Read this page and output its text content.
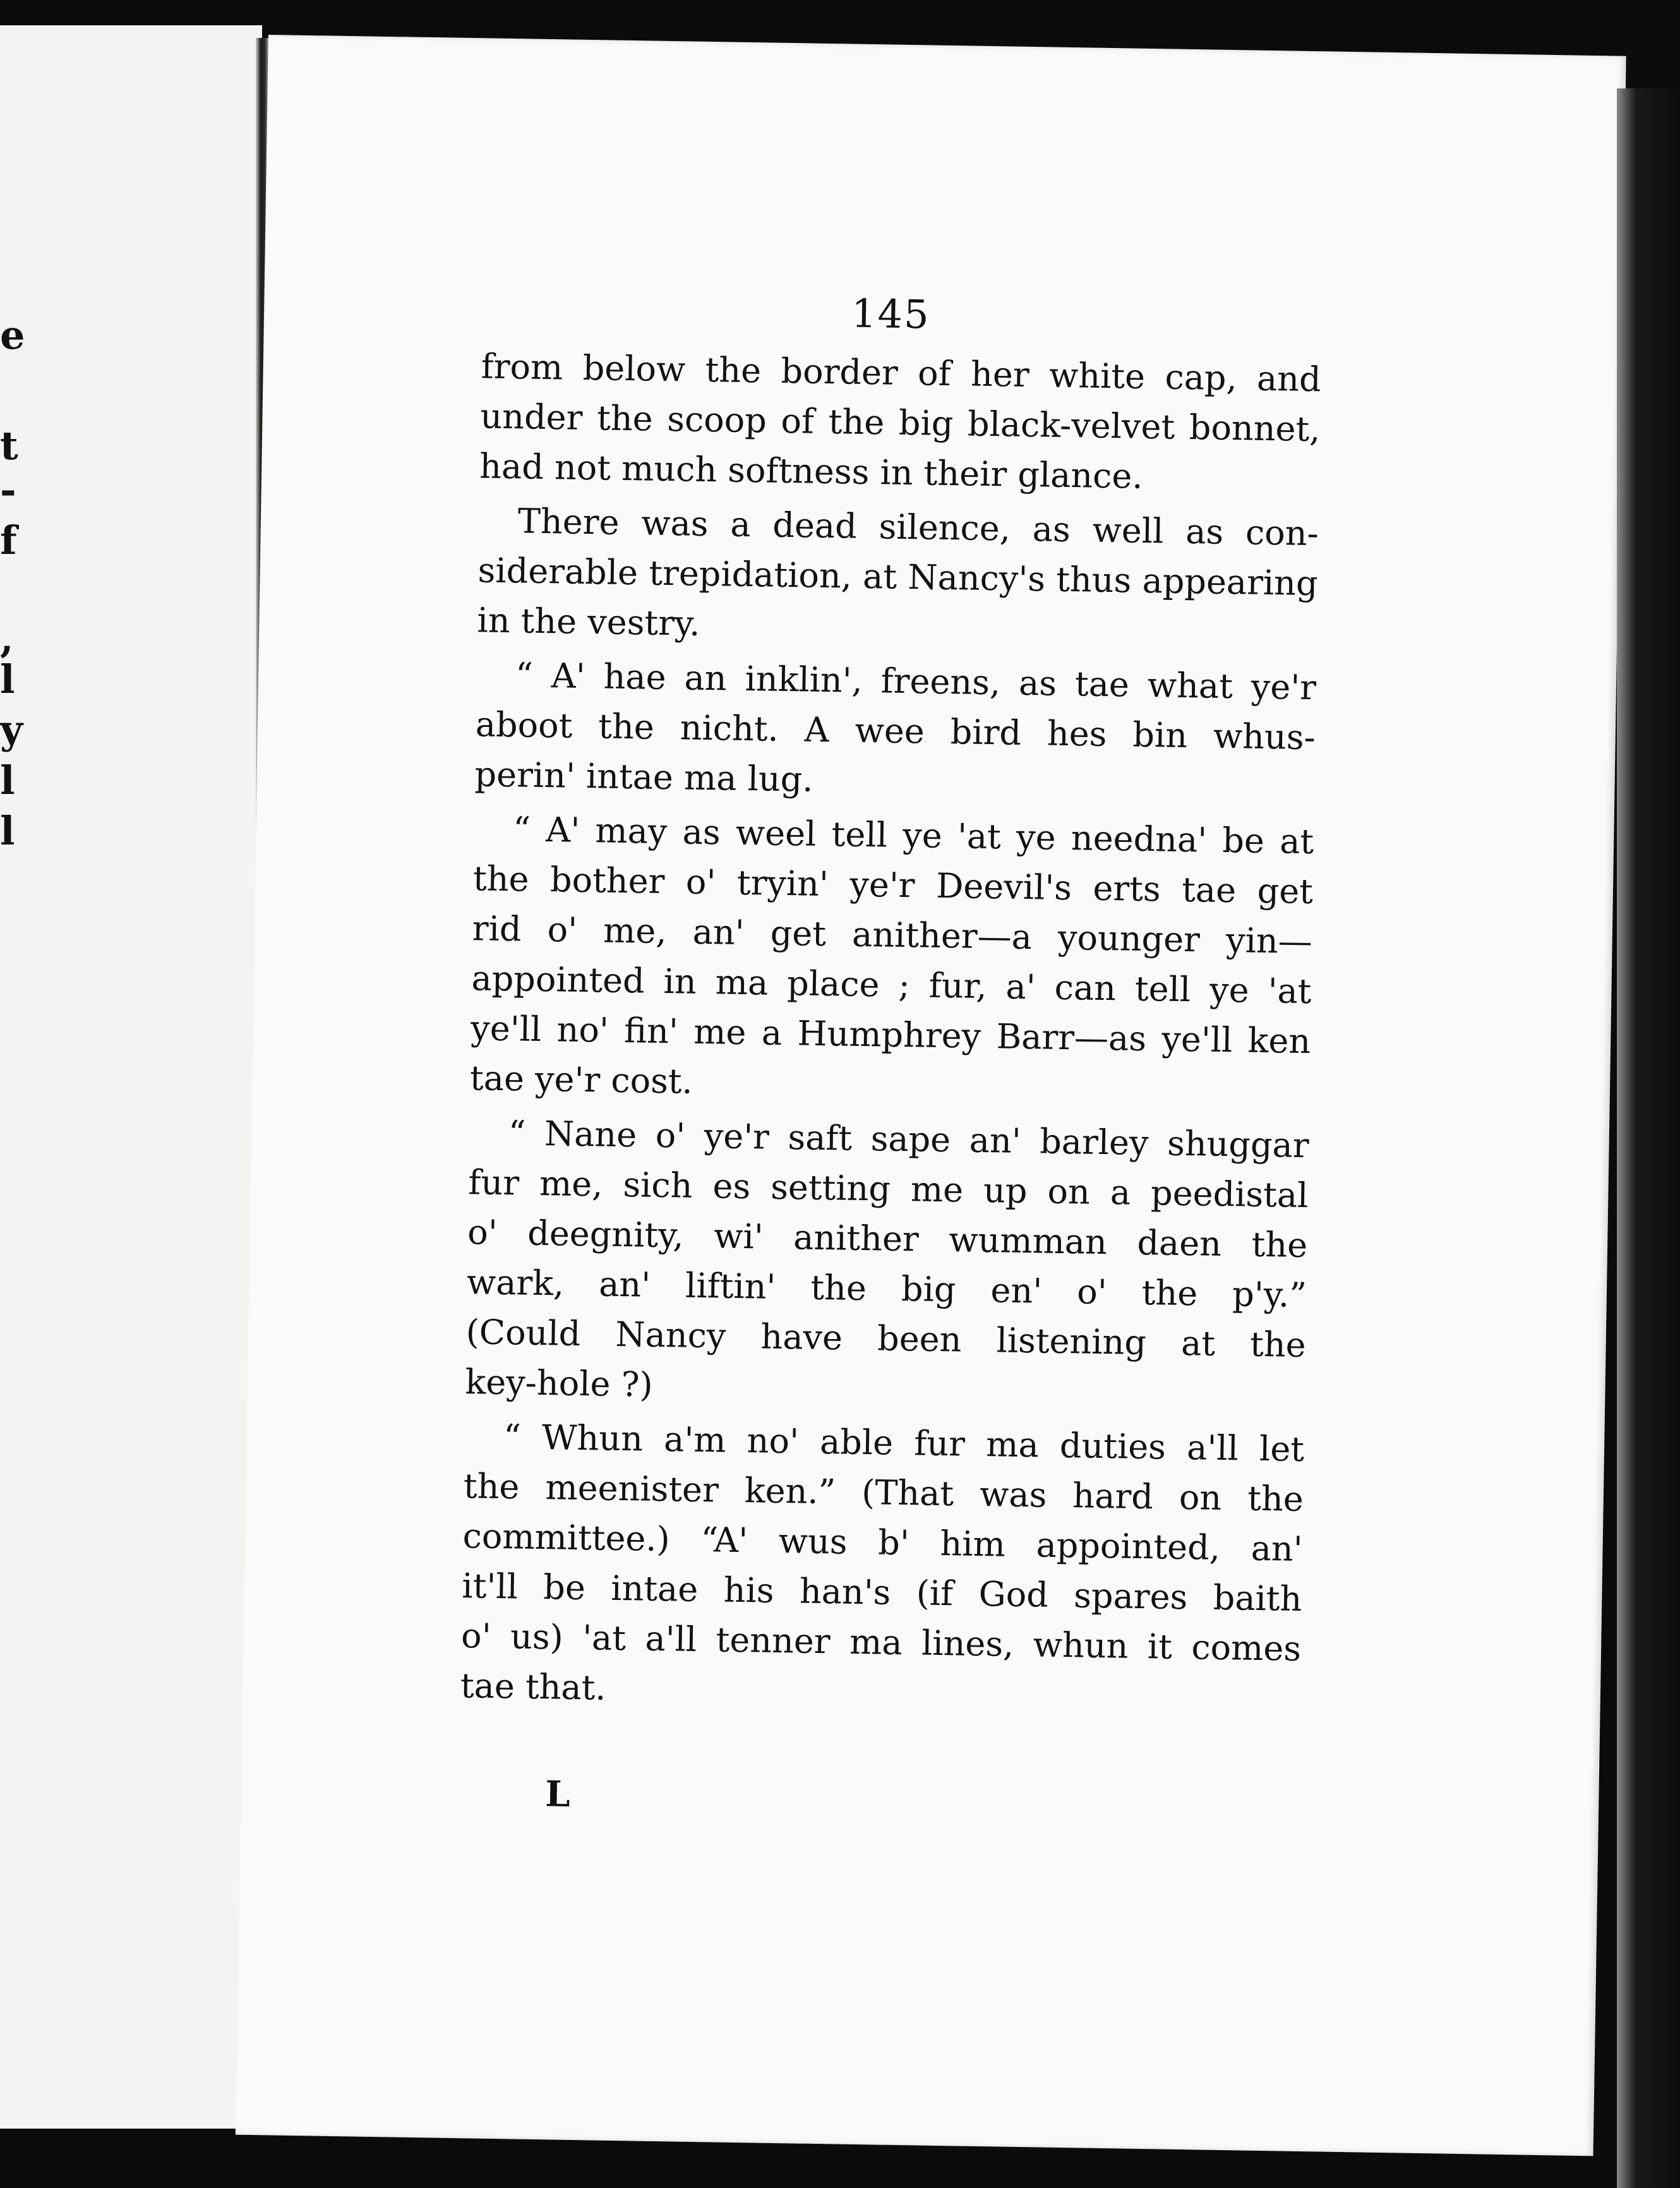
e
t
-
f
,
l
y
l
l
145
from below the border of her white cap, and
under the scoop of the big black-velvet bonnet,
had not much softness in their glance.
There was a dead silence, as well as con-
siderable trepidation, at Nancy's thus appearing
in the vestry.
“ A' hae an inklin', freens, as tae what ye'r
aboot the nicht. A wee bird hes bin whus-
perin' intae ma lug.
“ A' may as weel tell ye 'at ye needna' be at
the bother o' tryin' ye'r Deevil's erts tae get
rid o' me, an' get anither—a younger yin—
appointed in ma place ; fur, a' can tell ye 'at
ye'll no' fin' me a Humphrey Barr—as ye'll ken
tae ye'r cost.
“ Nane o' ye'r saft sape an' barley shuggar
fur me, sich es setting me up on a peedistal
o' deegnity, wi' anither wumman daen the
wark, an' liftin' the big en' o' the p'y.”
(Could Nancy have been listening at the
key-hole ?)
“ Whun a'm no' able fur ma duties a'll let
the meenister ken.” (That was hard on the
committee.) “A' wus b' him appointed, an'
it'll be intae his han's (if God spares baith
o' us) 'at a'll tenner ma lines, whun it comes
tae that.
L
